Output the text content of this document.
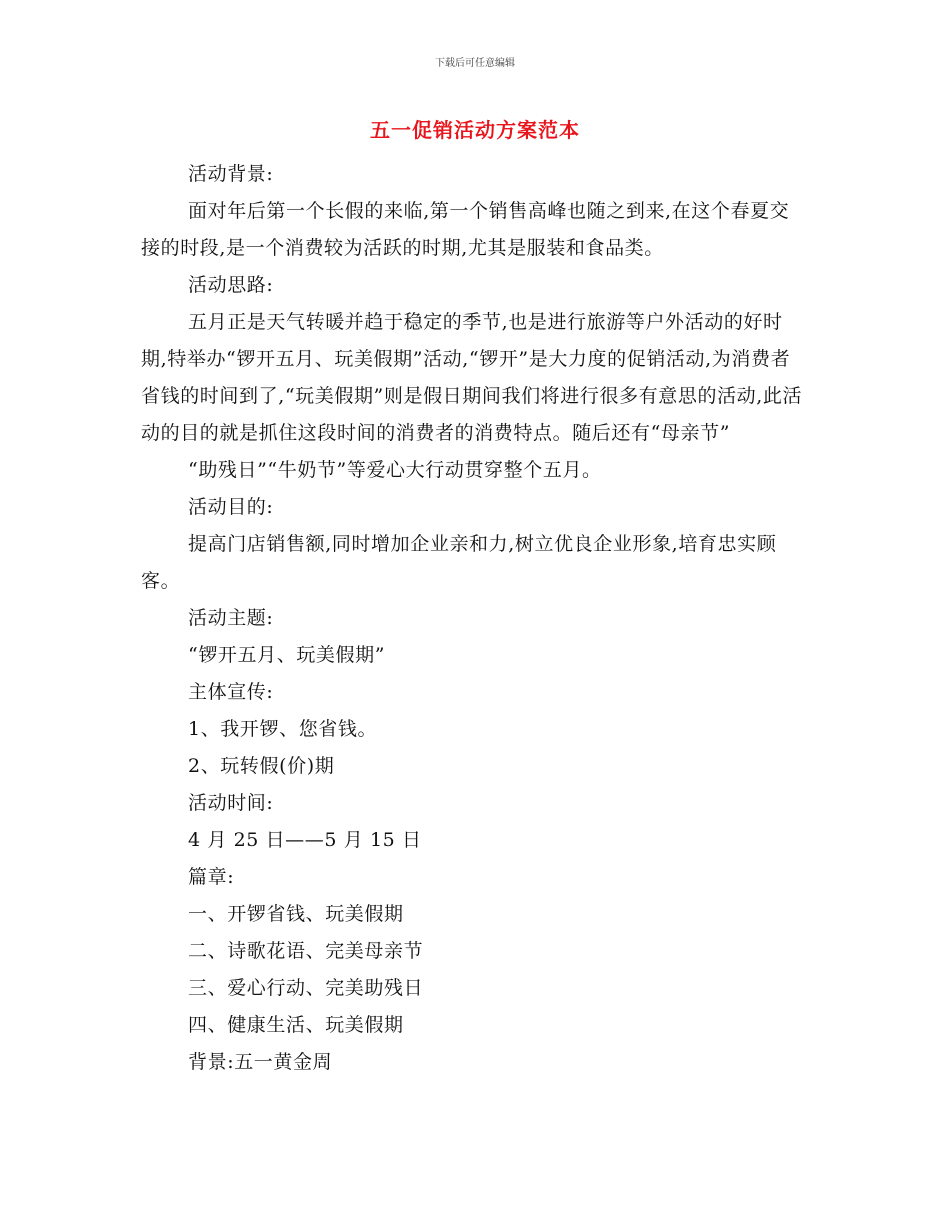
下载后可任意编辑
五一促销活动方案范本

活动背景:

面对年后第一个长假的来临,第一个销售高峰也随之到来,在这个春夏交接的时段,是一个消费较为活跃的时期,尤其是服装和食品类。

活动思路:

五月正是天气转暖并趋于稳定的季节,也是进行旅游等户外活动的好时期,特举办“锣开五月、玩美假期”活动,“锣开”是大力度的促销活动,为消费者省钱的时间到了,“玩美假期”则是假日期间我们将进行很多有意思的活动,此活动的目的就是抓住这段时间的消费者的消费特点。随后还有“母亲节”

“助残日”“牛奶节”等爱心大行动贯穿整个五月。

活动目的:

提高门店销售额,同时增加企业亲和力,树立优良企业形象,培育忠实顾客。

活动主题:

“锣开五月、玩美假期”

主体宣传:

1、我开锣、您省钱。

2、玩转假(价)期

活动时间:

4 月 25 日——5 月 15 日

篇章:

一、开锣省钱、玩美假期

二、诗歌花语、完美母亲节

三、爱心行动、完美助残日

四、健康生活、玩美假期

背景:五一黄金周
